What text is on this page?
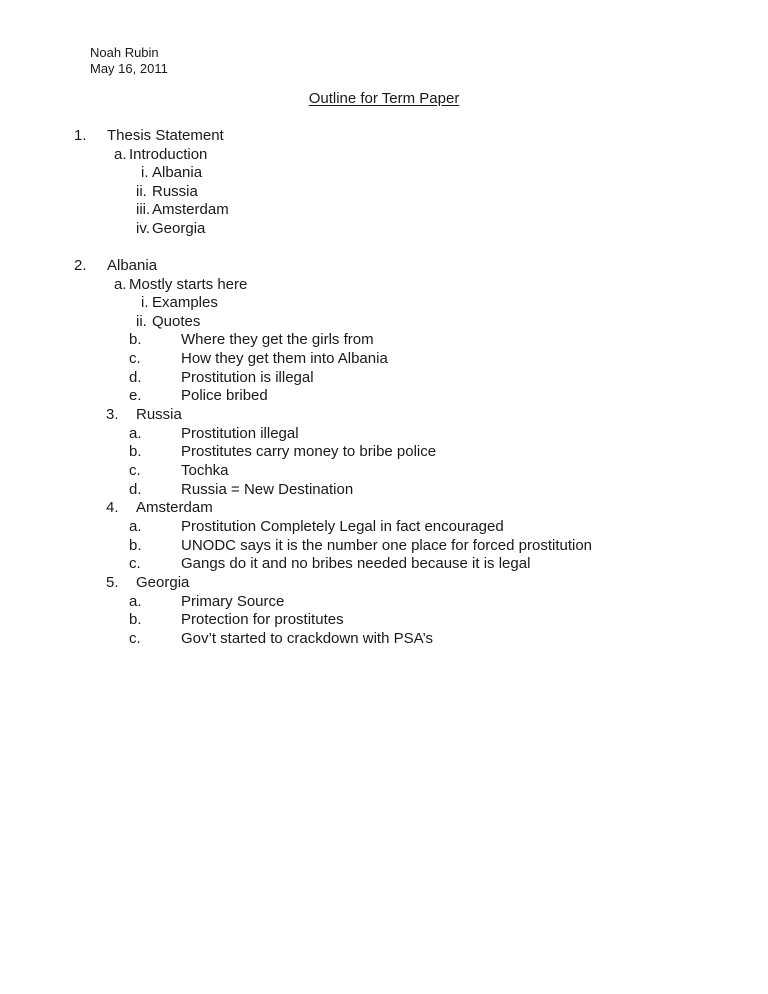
Noah Rubin
May 16, 2011
Outline for Term Paper
1. Thesis Statement
a. Introduction
i. Albania
ii. Russia
iii. Amsterdam
iv. Georgia
2. Albania
a. Mostly starts here
i. Examples
ii. Quotes
b.	Where they get the girls from
c.	How they get them into Albania
d.	Prostitution is illegal
e.	Police bribed
3. Russia
a.	Prostitution illegal
b.	Prostitutes carry money to bribe police
c.	Tochka
d.	Russia = New Destination
4. Amsterdam
a.	Prostitution Completely Legal in fact encouraged
b.	UNODC says it is the number one place for forced prostitution
c.	Gangs do it and no bribes needed because it is legal
5. Georgia
a.	Primary Source
b.	Protection for prostitutes
c.	Gov’t started to crackdown with PSA’s
